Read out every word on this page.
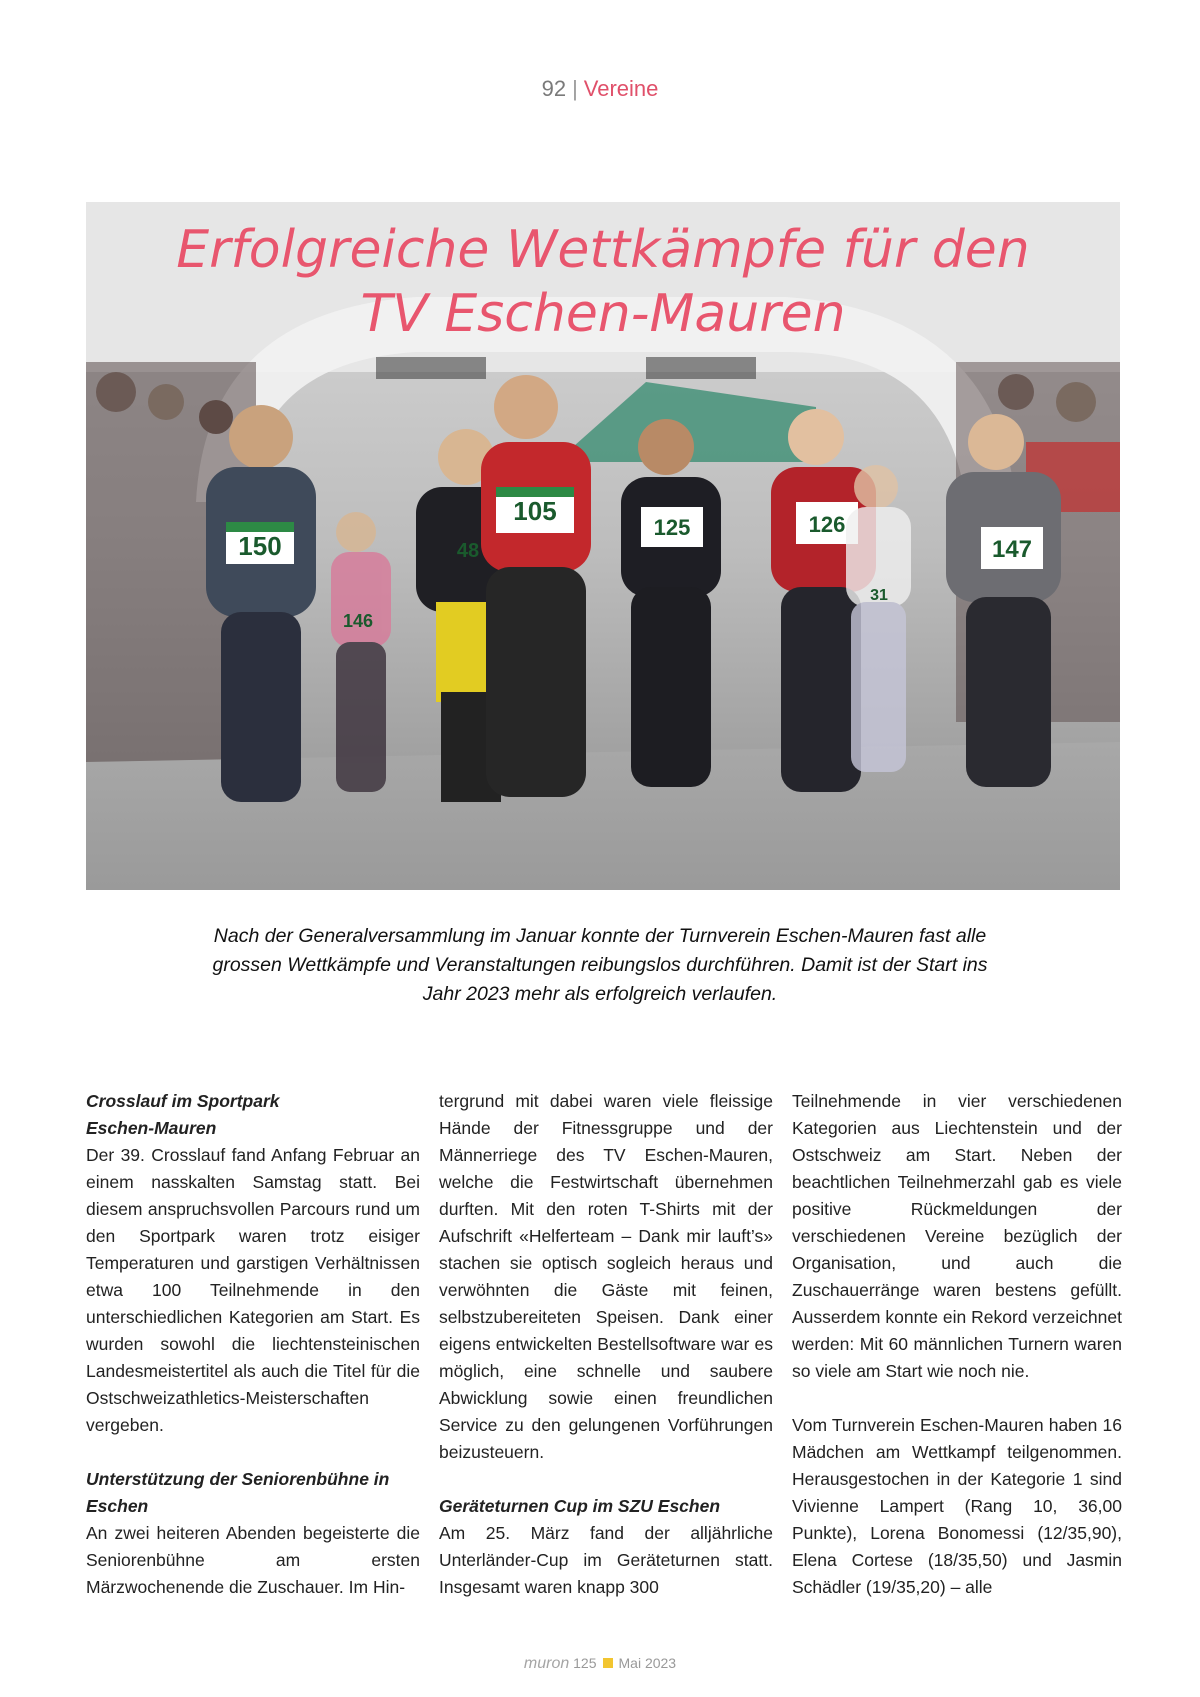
92 | Vereine
150	48
105
125	126
147
146
31
Erfolgreiche Wettkämpfe für den
TV Eschen-Mauren

Nach der Generalversammlung im Januar konnte der Turnverein Eschen-Mauren fast alle grossen Wettkämpfe und Veranstaltungen reibungslos durchführen. Damit ist der Start ins Jahr 2023 mehr als erfolgreich verlaufen.

Crosslauf im Sportpark
Eschen-Mauren

Der 39. Crosslauf fand Anfang Februar an einem nasskalten Samstag statt. Bei diesem anspruchsvollen Parcours rund um den Sportpark waren trotz eisiger Temperaturen und garstigen Verhältnissen etwa 100 Teilnehmende in den unterschiedlichen Kategorien am Start. Es wurden sowohl die liechtensteinischen Landesmeistertitel als auch die Titel für die Ostschweizathletics-Meisterschaften vergeben.

Unterstützung der Seniorenbühne in
Eschen

An zwei heiteren Abenden begeisterte die Seniorenbühne am ersten Märzwochenende die Zuschauer. Im Hin-

tergrund mit dabei waren viele fleissige Hände der Fitnessgruppe und der Männerriege des TV Eschen-Mauren, welche die Festwirtschaft übernehmen durften. Mit den roten T-Shirts mit der Aufschrift «Helferteam – Dank mir lauft’s» stachen sie optisch sogleich heraus und verwöhnten die Gäste mit feinen, selbstzubereiteten Speisen. Dank einer eigens entwickelten Bestellsoftware war es möglich, eine schnelle und saubere Abwicklung sowie einen freundlichen Service zu den gelungenen Vorführungen beizusteuern.

Geräteturnen Cup im SZU Eschen

Am 25. März fand der alljährliche Unterländer-Cup im Geräteturnen statt. Insgesamt waren knapp 300

Teilnehmende in vier verschiedenen Kategorien aus Liechtenstein und der Ostschweiz am Start. Neben der beachtlichen Teilnehmerzahl gab es viele positive Rückmeldungen der verschiedenen Vereine bezüglich der Organisation, und auch die Zuschauerränge waren bestens gefüllt. Ausserdem konnte ein Rekord verzeichnet werden: Mit 60 männlichen Turnern waren so viele am Start wie noch nie.

Vom Turnverein Eschen-Mauren haben 16 Mädchen am Wettkampf teilgenommen. Herausgestochen in der Kategorie 1 sind Vivienne Lampert (Rang 10, 36,00 Punkte), Lorena Bonomessi (12/35,90), Elena Cortese (18/35,50) und Jasmin Schädler (19/35,20) – alle

muron 125 Mai 2023
